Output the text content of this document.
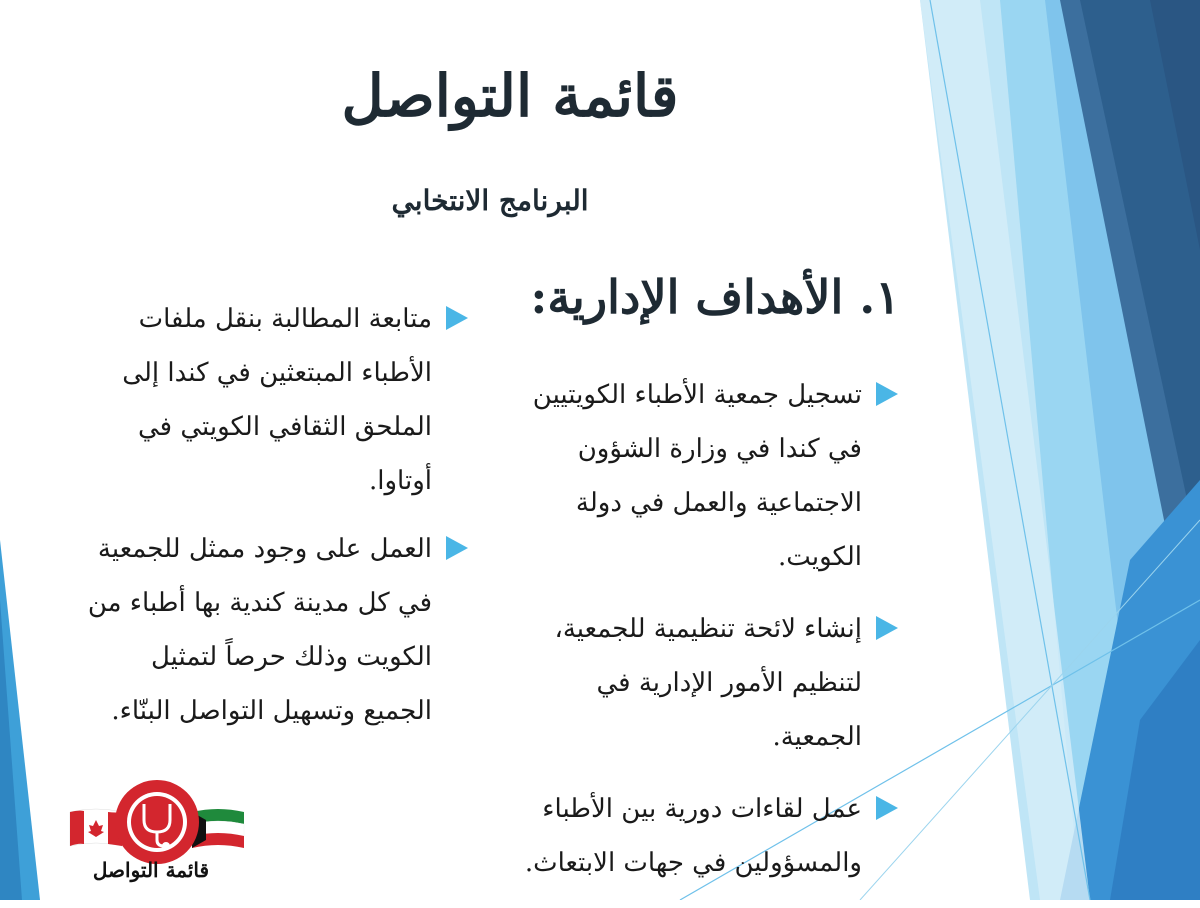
قائمة التواصل
البرنامج الانتخابي
١. الأهداف الإدارية:
تسجيل جمعية الأطباء الكويتيين في كندا في وزارة الشؤون الاجتماعية والعمل في دولة الكويت.
إنشاء لائحة تنظيمية للجمعية، لتنظيم الأمور الإدارية في الجمعية.
عمل لقاءات دورية بين الأطباء والمسؤولين في جهات الابتعاث.
متابعة المطالبة بنقل ملفات الأطباء المبتعثين في كندا إلى الملحق الثقافي الكويتي في أوتاوا.
العمل على وجود ممثل للجمعية في كل مدينة كندية بها أطباء من الكويت وذلك حرصاً لتمثيل الجميع وتسهيل التواصل البنّاء.
قائمة التواصل
